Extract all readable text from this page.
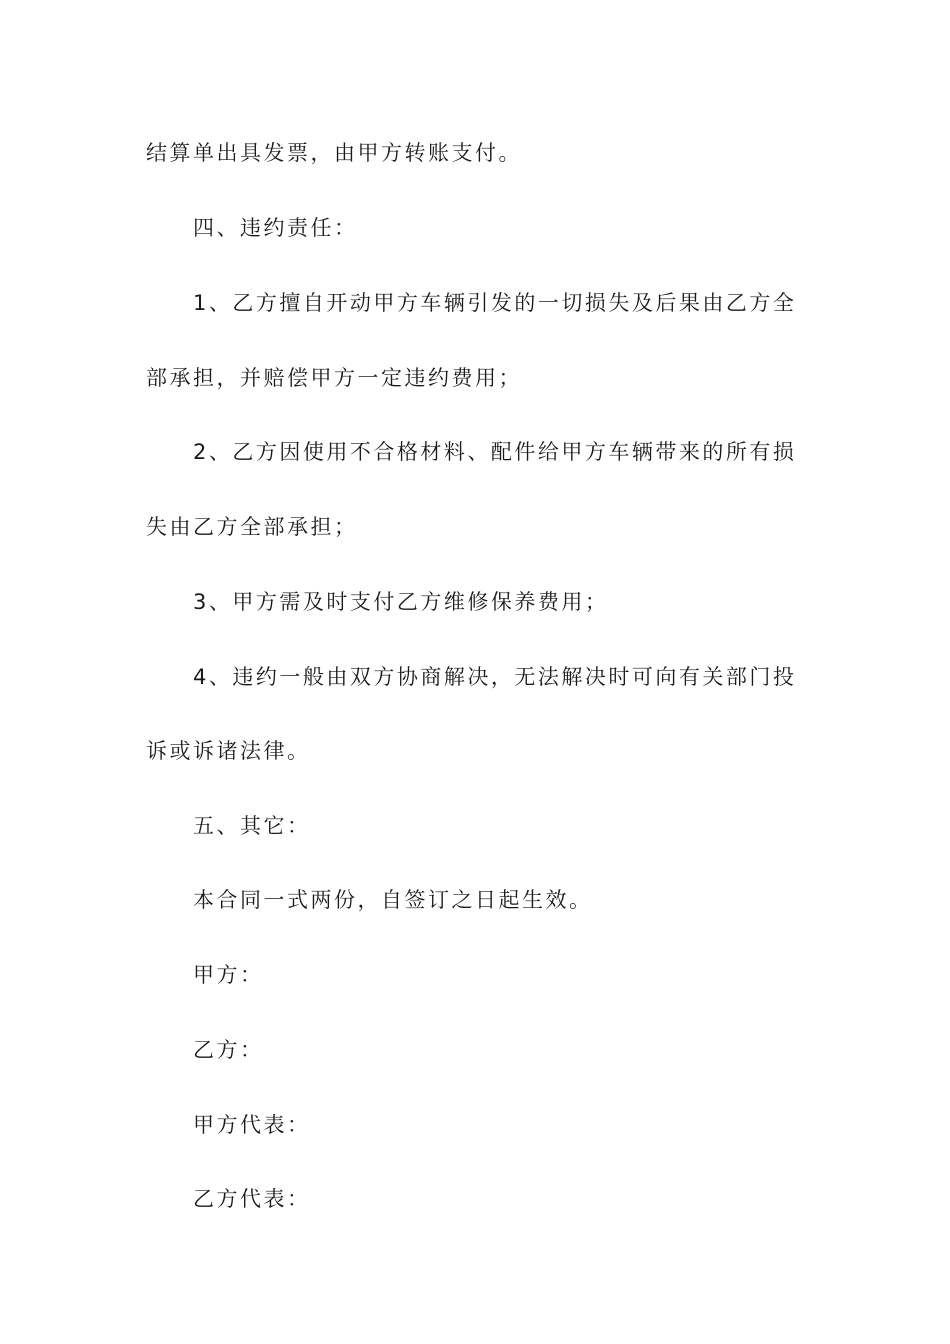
结算单出具发票，由甲方转账支付。
四、违约责任：
1、乙方擅自开动甲方车辆引发的一切损失及后果由乙方全
部承担，并赔偿甲方一定违约费用；
2、乙方因使用不合格材料、配件给甲方车辆带来的所有损
失由乙方全部承担；
3、甲方需及时支付乙方维修保养费用；
4、违约一般由双方协商解决，无法解决时可向有关部门投
诉或诉诸法律。
五、其它：
本合同一式两份，自签订之日起生效。
甲方：
乙方：
甲方代表：
乙方代表：
